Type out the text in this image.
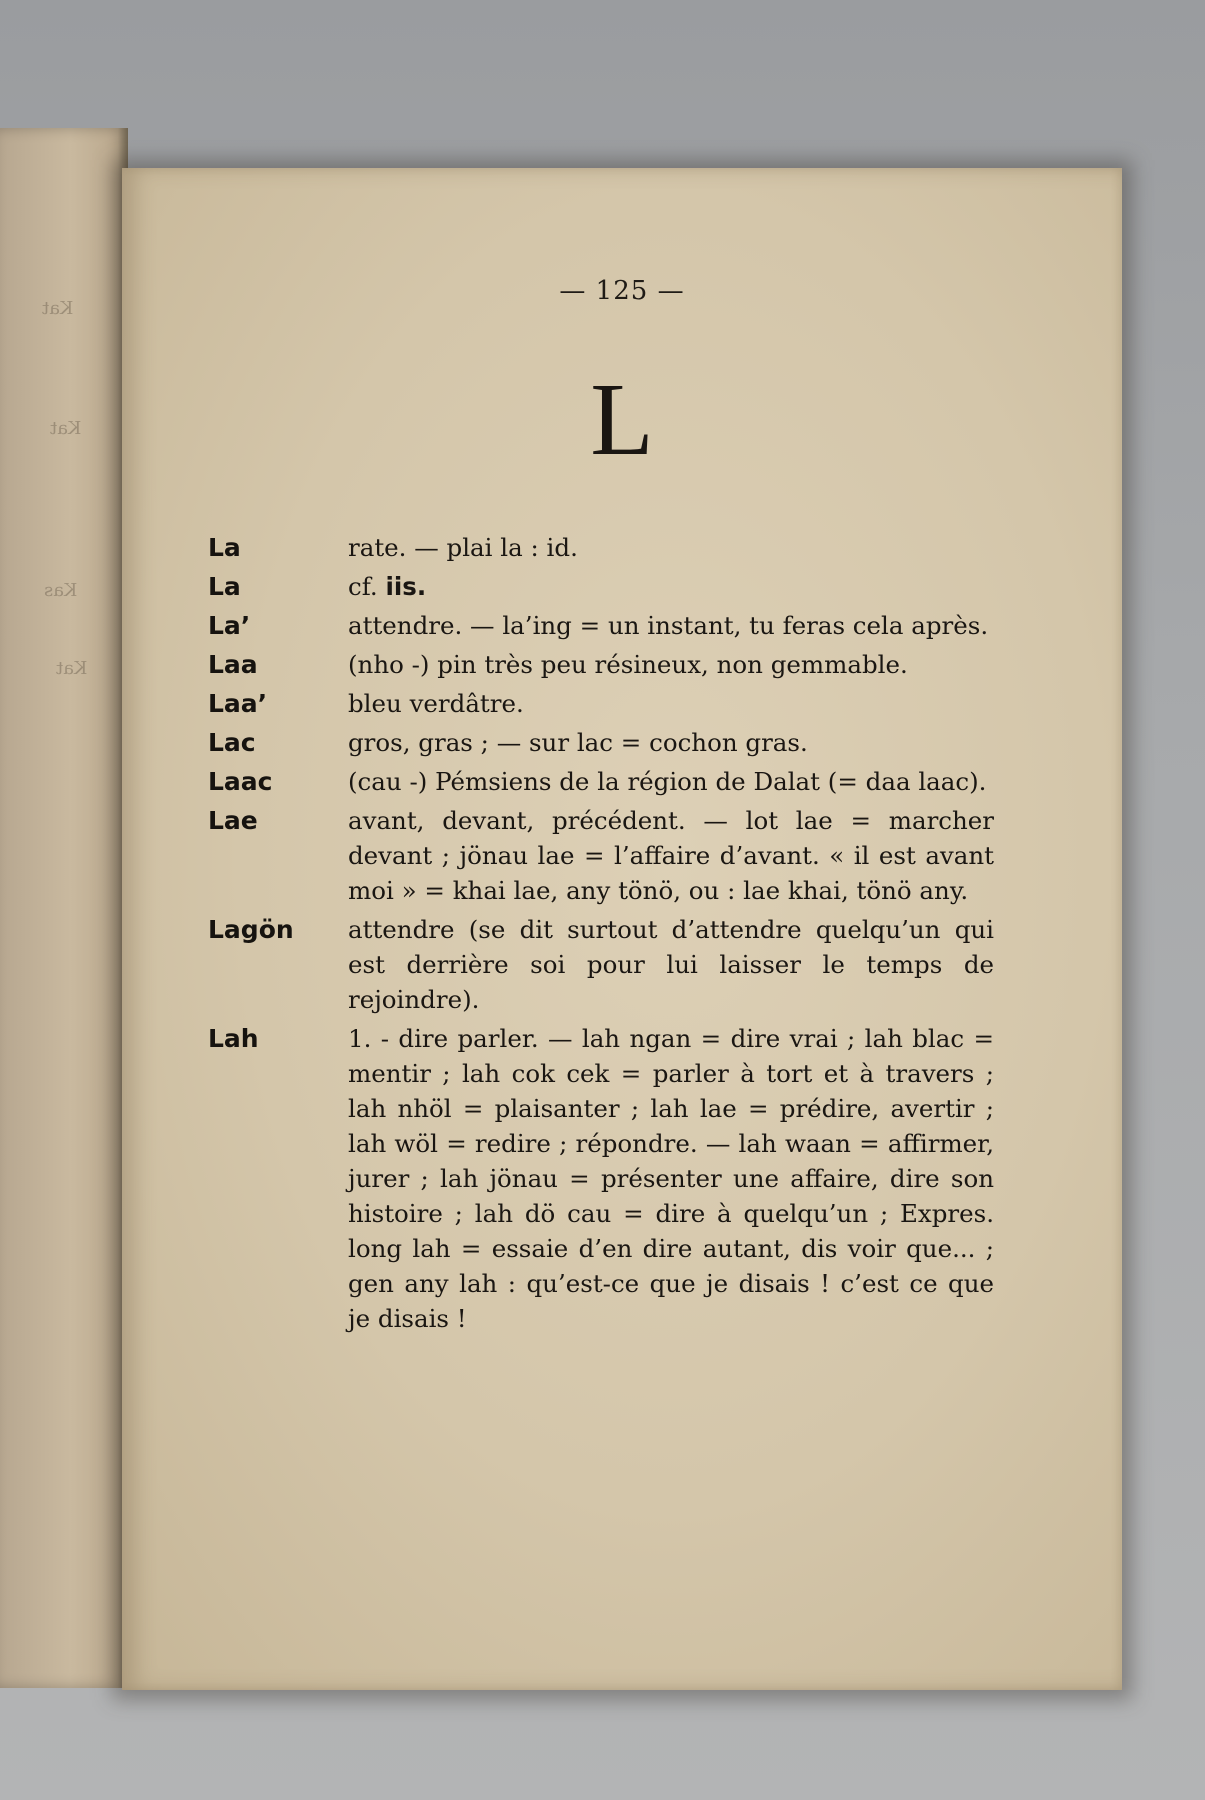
Kat
Kat
Kas
Kat
— 125 —
L
La	rate. — plai la : id.
La	cf. iis.
La’	attendre. — la’ing = un instant, tu feras cela après.
Laa	(nho -) pin très peu résineux, non gemmable.
Laa’	bleu verdâtre.
Lac	gros, gras ; — sur lac = cochon gras.
Laac	(cau -) Pémsiens de la région de Dalat (= daa laac).
Lae	avant, devant, précédent. — lot lae = marcher devant ; jönau lae = l’affaire d’avant. « il est avant moi » = khai lae, any tönö, ou : lae khai, tönö any.
Lagön	attendre (se dit surtout d’attendre quelqu’un qui est derrière soi pour lui laisser le temps de rejoindre).
Lah	1. - dire parler. — lah ngan = dire vrai ; lah blac = mentir ; lah cok cek = parler à tort et à travers ; lah nhöl = plaisanter ; lah lae = prédire, avertir ; lah wöl = redire ; répondre. — lah waan = affirmer, jurer ; lah jönau = présenter une affaire, dire son histoire ; lah dö cau = dire à quelqu’un ; Expres. long lah = essaie d’en dire autant, dis voir que... ; gen any lah : qu’est-ce que je disais ! c’est ce que je disais !
